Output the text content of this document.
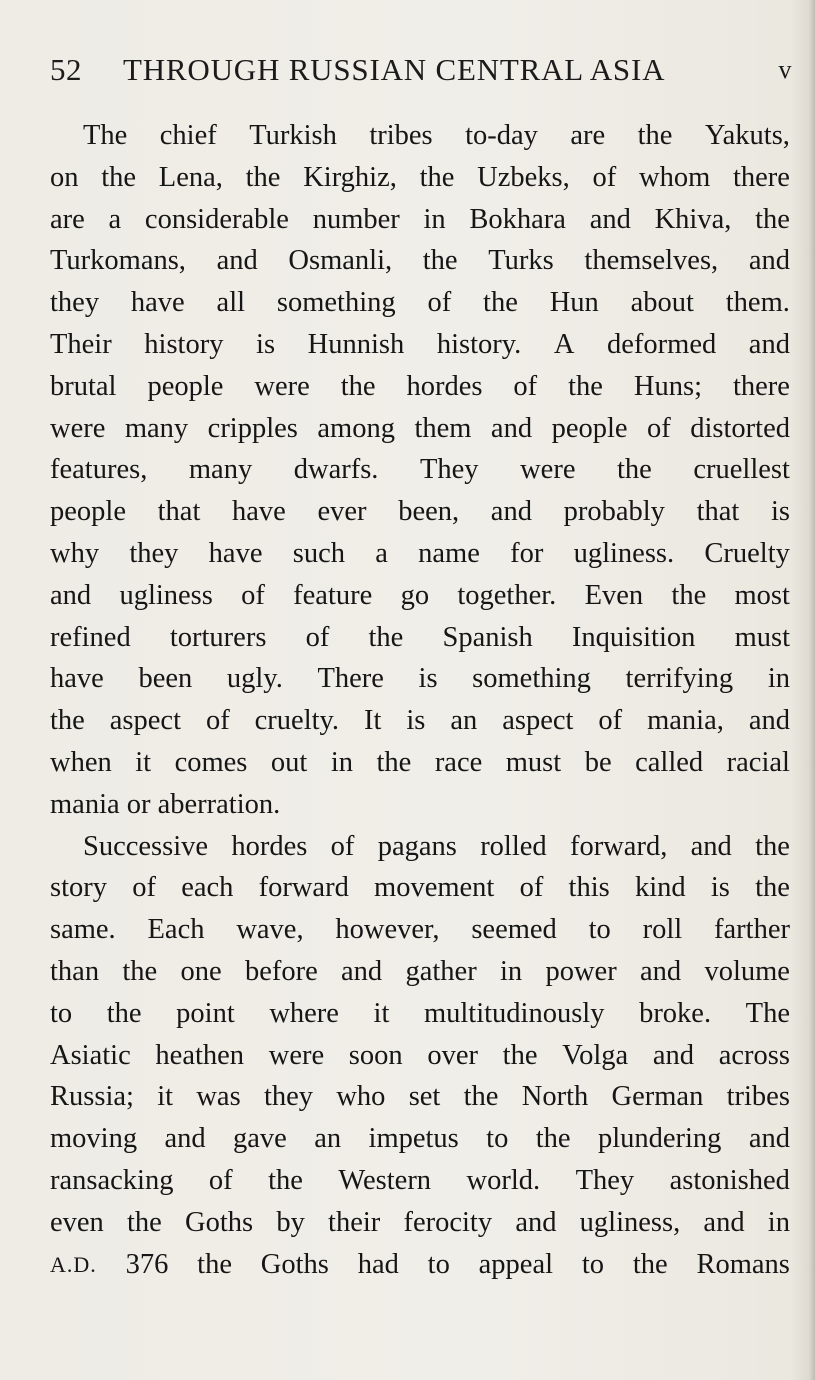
52 THROUGH RUSSIAN CENTRAL ASIA	v
The chief Turkish tribes to-day are the Yakuts,
on the Lena, the Kirghiz, the Uzbeks, of whom there
are a considerable number in Bokhara and Khiva, the
Turkomans, and Osmanli, the Turks themselves, and
they have all something of the Hun about them.
Their history is Hunnish history. A deformed and
brutal people were the hordes of the Huns; there
were many cripples among them and people of distorted
features, many dwarfs. They were the cruellest
people that have ever been, and probably that is
why they have such a name for ugliness. Cruelty
and ugliness of feature go together. Even the most
refined torturers of the Spanish Inquisition must
have been ugly. There is something terrifying in
the aspect of cruelty. It is an aspect of mania, and
when it comes out in the race must be called racial
mania or aberration.
Successive hordes of pagans rolled forward, and the
story of each forward movement of this kind is the
same. Each wave, however, seemed to roll farther
than the one before and gather in power and volume
to the point where it multitudinously broke. The
Asiatic heathen were soon over the Volga and across
Russia; it was they who set the North German tribes
moving and gave an impetus to the plundering and
ransacking of the Western world. They astonished
even the Goths by their ferocity and ugliness, and in
A.D. 376 the Goths had to appeal to the Romans
